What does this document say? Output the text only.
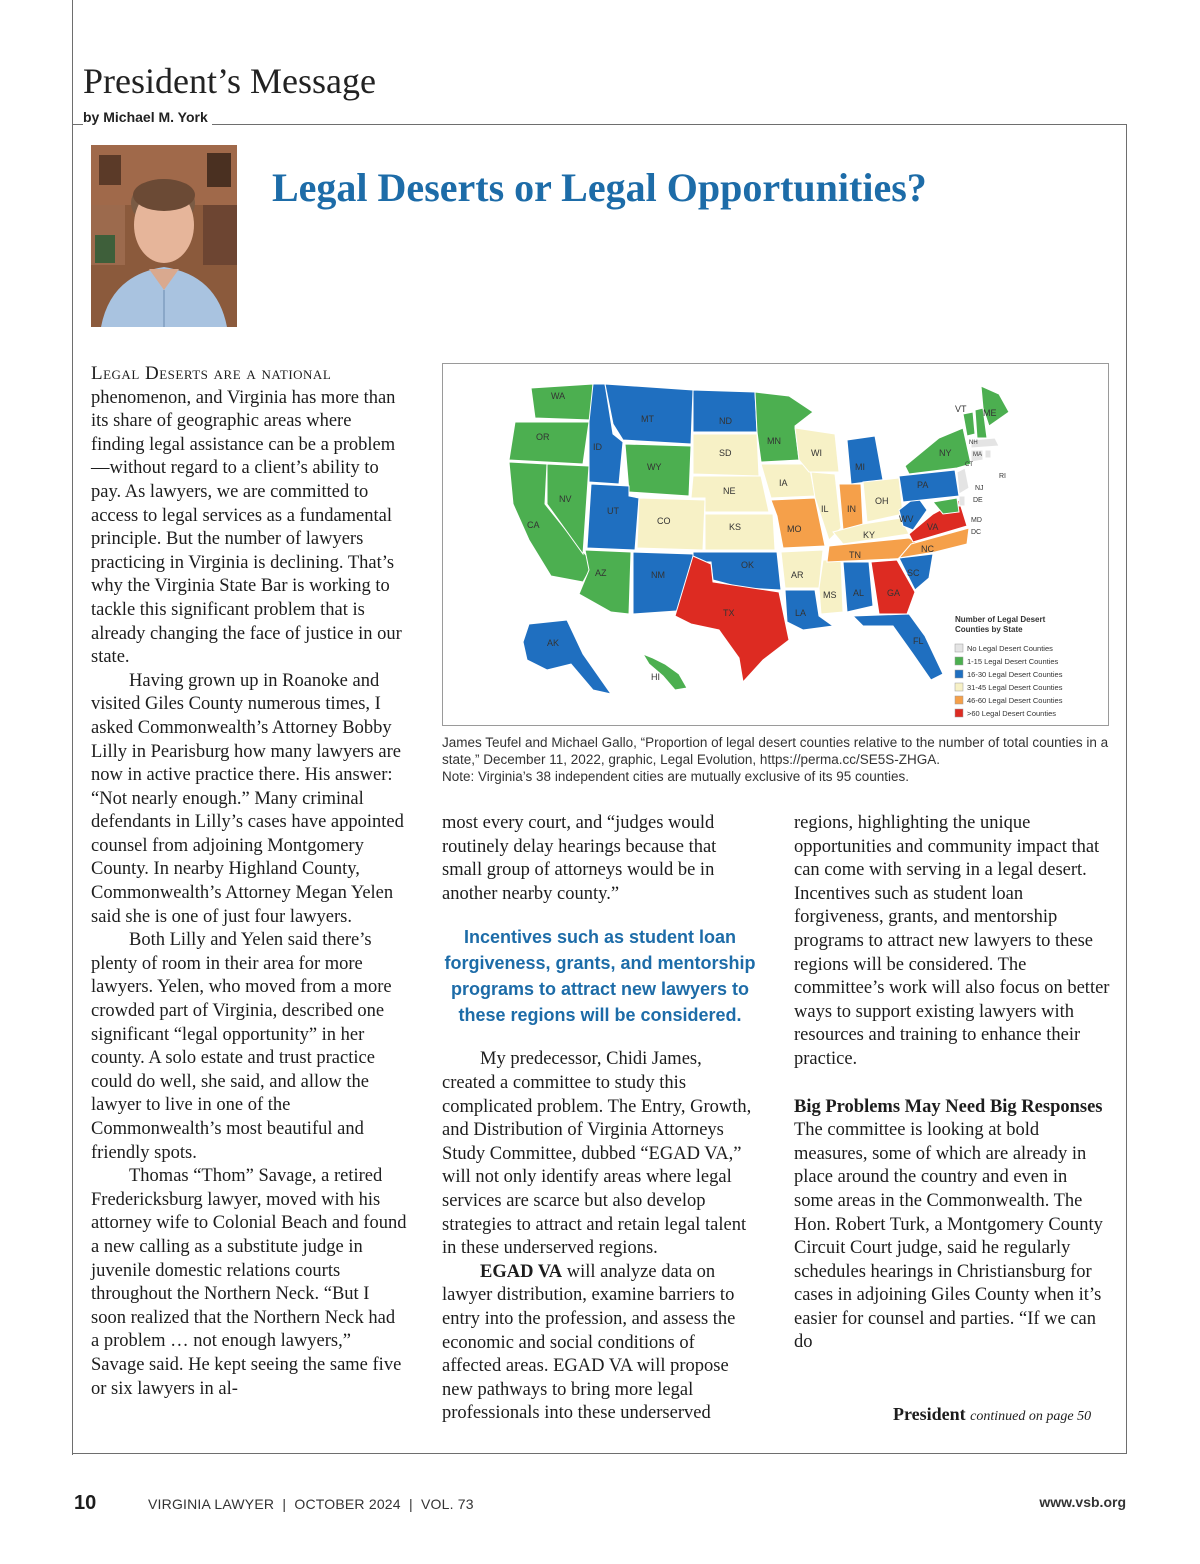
President’s Message
by Michael M. York
Legal Deserts or Legal Opportunities?

Legal Deserts are a national phenomenon, and Virginia has more than its share of geographic areas where finding legal assistance can be a problem—without regard to a client’s ability to pay. As lawyers, we are committed to access to legal services as a fundamental principle. But the number of lawyers practicing in Virginia is declining. That’s why the Virginia State Bar is working to tackle this significant problem that is already changing the face of justice in our state.

Having grown up in Roanoke and visited Giles County numerous times, I asked Commonwealth’s Attorney Bobby Lilly in Pearisburg how many lawyers are now in active practice there. His answer: “Not nearly enough.” Many criminal defendants in Lilly’s cases have appointed counsel from adjoining Montgomery County. In nearby Highland County, Commonwealth’s Attorney Megan Yelen said she is one of just four lawyers.

Both Lilly and Yelen said there’s plenty of room in their area for more lawyers. Yelen, who moved from a more crowded part of Virginia, described one significant “legal opportunity” in her county. A solo estate and trust practice could do well, she said, and allow the lawyer to live in one of the Commonwealth’s most beautiful and friendly spots.

Thomas “Thom” Savage, a retired Fredericksburg lawyer, moved with his attorney wife to Colonial Beach and found a new calling as a substitute judge in juvenile domestic relations courts throughout the Northern Neck. “But I soon realized that the Northern Neck had a problem … not enough lawyers,” Savage said. He kept seeing the same five or six lawyers in al-

WA
OR
CA
NV
ID
MT
WY
UT
CO
AZ	NM
ND
SD
NE
KS
OK
TX
MN
IA
MO
AR
LA
WI
IL
MS
MI
IN
OH
KY
TN
AL	GA
FL
SC
NC
VA
WV
PA
NY
VT
NH
ME
MA
CT
RI
NJ
DE
MD
DC
AK
HI
Number of Legal Desert
Counties by State
No Legal Desert Counties
1-15 Legal Desert Counties
16-30 Legal Desert Counties
31-45 Legal Desert Counties
46-60 Legal Desert Counties
>60 Legal Desert Counties

James Teufel and Michael Gallo, “Proportion of legal desert counties relative to the number of total counties in a state,” December 11, 2022, graphic, Legal Evolution, https://perma.cc/SE5S-ZHGA.

Note: Virginia’s 38 independent cities are mutually exclusive of its 95 counties.

most every court, and “judges would routinely delay hearings because that small group of attorneys would be in another nearby county.”

Incentives such as student loan forgiveness, grants, and mentorship programs to attract new lawyers to these regions will be considered.

My predecessor, Chidi James, created a committee to study this complicated problem. The Entry, Growth, and Distribution of Virginia Attorneys Study Committee, dubbed “EGAD VA,” will not only identify areas where legal services are scarce but also develop strategies to attract and retain legal talent in these underserved regions.

EGAD VA will analyze data on lawyer distribution, examine barriers to entry into the profession, and assess the economic and social conditions of affected areas. EGAD VA will propose new pathways to bring more legal professionals into these underserved

regions, highlighting the unique opportunities and community impact that can come with serving in a legal desert. Incentives such as student loan forgiveness, grants, and mentorship programs to attract new lawyers to these regions will be considered. The committee’s work will also focus on better ways to support existing lawyers with resources and training to enhance their practice.

Big Problems May Need Big Responses

The committee is looking at bold measures, some of which are already in place around the country and even in some areas in the Commonwealth. The Hon. Robert Turk, a Montgomery County Circuit Court judge, said he regularly schedules hearings in Christiansburg for cases in adjoining Giles County when it’s easier for counsel and parties. “If we can do

President continued on page 50
10	VIRGINIA LAWYER  |  OCTOBER 2024  |  VOL. 73	www.vsb.org
